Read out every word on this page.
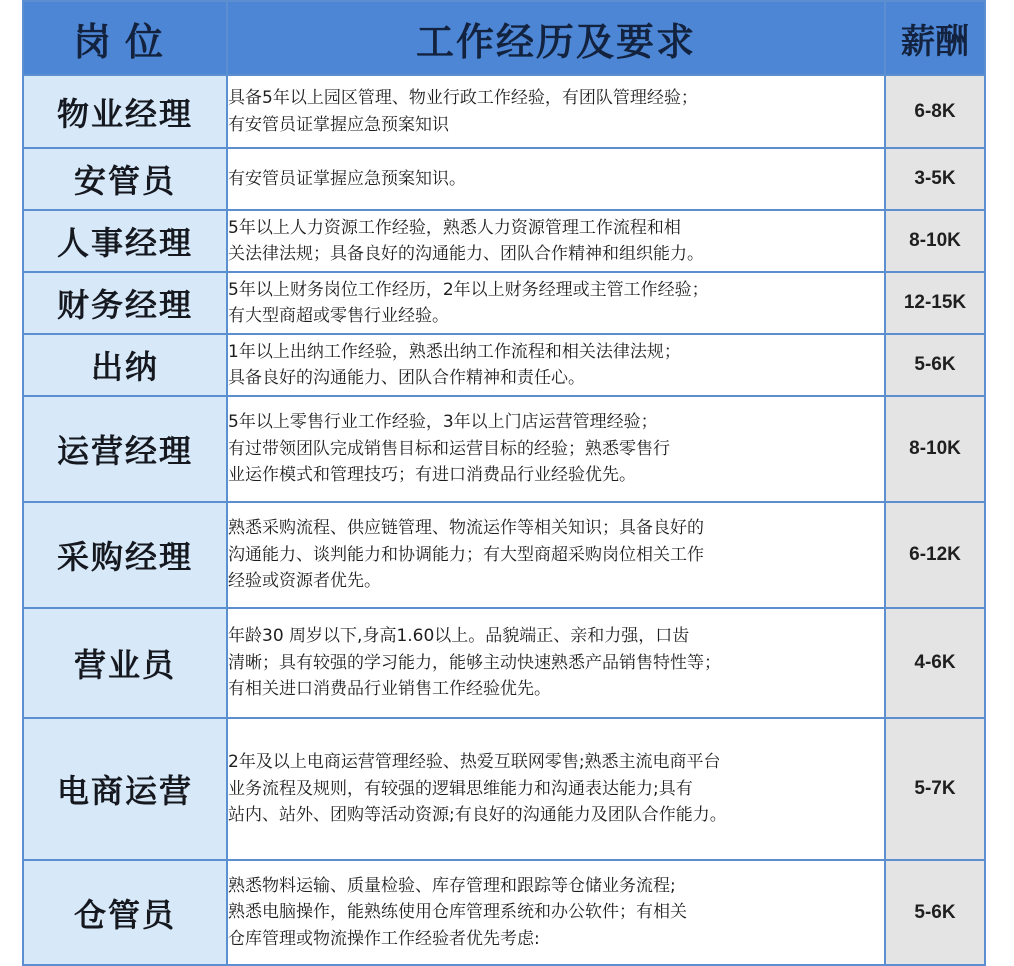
岗位	工作经历及要求	薪酬
物业经理	具备5年以上园区管理、物业行政工作经验，有团队管理经验；
有安管员证掌握应急预案知识	6-8K
安管员	有安管员证掌握应急预案知识。	3-5K
人事经理	5年以上人力资源工作经验，熟悉人力资源管理工作流程和相
关法律法规；具备良好的沟通能力、团队合作精神和组织能力。	8-10K
财务经理	5年以上财务岗位工作经历，2年以上财务经理或主管工作经验；
有大型商超或零售行业经验。	12-15K
出纳	1年以上出纳工作经验，熟悉出纳工作流程和相关法律法规；
具备良好的沟通能力、团队合作精神和责任心。	5-6K
运营经理	5年以上零售行业工作经验，3年以上门店运营管理经验；
有过带领团队完成销售目标和运营目标的经验；熟悉零售行
业运作模式和管理技巧；有进口消费品行业经验优先。	8-10K
采购经理	熟悉采购流程、供应链管理、物流运作等相关知识；具备良好的
沟通能力、谈判能力和协调能力；有大型商超采购岗位相关工作
经验或资源者优先。	6-12K
营业员	年龄30 周岁以下,身高1.60以上。品貌端正、亲和力强，口齿
清晰；具有较强的学习能力，能够主动快速熟悉产品销售特性等；
有相关进口消费品行业销售工作经验优先。	4-6K
电商运营	2年及以上电商运营管理经验、热爱互联网零售;熟悉主流电商平台
业务流程及规则，有较强的逻辑思维能力和沟通表达能力;具有
站内、站外、团购等活动资源;有良好的沟通能力及团队合作能力。	5-7K
仓管员	熟悉物料运输、质量检验、库存管理和跟踪等仓储业务流程;
熟悉电脑操作，能熟练使用仓库管理系统和办公软件；有相关
仓库管理或物流操作工作经验者优先考虑:	5-6K
